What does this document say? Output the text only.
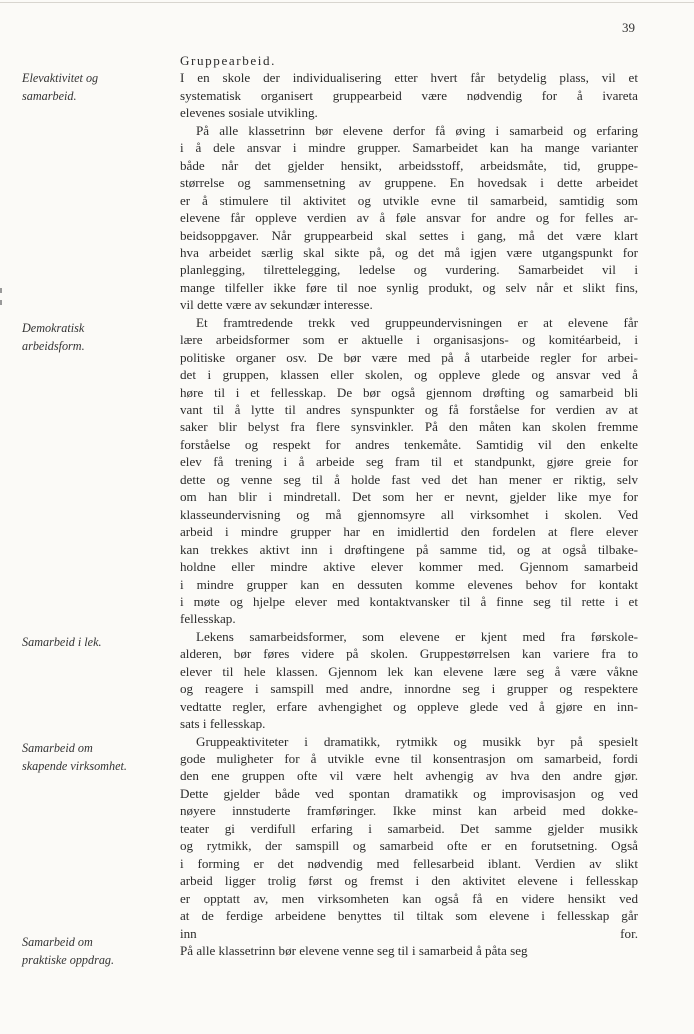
39
Elevaktivitet og
samarbeid.
Demokratisk
arbeidsform.
Samarbeid i lek.
Samarbeid om
skapende virksomhet.
Samarbeid om
praktiske oppdrag.
Gruppearbeid.
I en skole der individualisering etter hvert får betydelig plass, vil et
systematisk organisert gruppearbeid være nødvendig for å ivareta
elevenes sosiale utvikling.
På alle klassetrinn bør elevene derfor få øving i samarbeid og erfaring
i å dele ansvar i mindre grupper. Samarbeidet kan ha mange varianter
både når det gjelder hensikt, arbeidsstoff, arbeidsmåte, tid, gruppe-
størrelse og sammensetning av gruppene. En hovedsak i dette arbeidet
er å stimulere til aktivitet og utvikle evne til samarbeid, samtidig som
elevene får oppleve verdien av å føle ansvar for andre og for felles ar-
beidsoppgaver. Når gruppearbeid skal settes i gang, må det være klart
hva arbeidet særlig skal sikte på, og det må igjen være utgangspunkt for
planlegging, tilrettelegging, ledelse og vurdering. Samarbeidet vil i
mange tilfeller ikke føre til noe synlig produkt, og selv når et slikt fins,
vil dette være av sekundær interesse.
Et framtredende trekk ved gruppeundervisningen er at elevene får
lære arbeidsformer som er aktuelle i organisasjons- og komitéarbeid, i
politiske organer osv. De bør være med på å utarbeide regler for arbei-
det i gruppen, klassen eller skolen, og oppleve glede og ansvar ved å
høre til i et fellesskap. De bør også gjennom drøfting og samarbeid bli
vant til å lytte til andres synspunkter og få forståelse for verdien av at
saker blir belyst fra flere synsvinkler. På den måten kan skolen fremme
forståelse og respekt for andres tenkemåte. Samtidig vil den enkelte
elev få trening i å arbeide seg fram til et standpunkt, gjøre greie for
dette og venne seg til å holde fast ved det han mener er riktig, selv
om han blir i mindretall. Det som her er nevnt, gjelder like mye for
klasseundervisning og må gjennomsyre all virksomhet i skolen. Ved
arbeid i mindre grupper har en imidlertid den fordelen at flere elever
kan trekkes aktivt inn i drøftingene på samme tid, og at også tilbake-
holdne eller mindre aktive elever kommer med. Gjennom samarbeid
i mindre grupper kan en dessuten komme elevenes behov for kontakt
i møte og hjelpe elever med kontaktvansker til å finne seg til rette i et
fellesskap.
Lekens samarbeidsformer, som elevene er kjent med fra førskole-
alderen, bør føres videre på skolen. Gruppestørrelsen kan variere fra to
elever til hele klassen. Gjennom lek kan elevene lære seg å være våkne
og reagere i samspill med andre, innordne seg i grupper og respektere
vedtatte regler, erfare avhengighet og oppleve glede ved å gjøre en inn-
sats i fellesskap.
Gruppeaktiviteter i dramatikk, rytmikk og musikk byr på spesielt
gode muligheter for å utvikle evne til konsentrasjon om samarbeid, fordi
den ene gruppen ofte vil være helt avhengig av hva den andre gjør.
Dette gjelder både ved spontan dramatikk og improvisasjon og ved
nøyere innstuderte framføringer. Ikke minst kan arbeid med dokke-
teater gi verdifull erfaring i samarbeid. Det samme gjelder musikk
og rytmikk, der samspill og samarbeid ofte er en forutsetning. Også
i forming er det nødvendig med fellesarbeid iblant. Verdien av slikt
arbeid ligger trolig først og fremst i den aktivitet elevene i fellesskap
er opptatt av, men virksomheten kan også få en videre hensikt ved
at de ferdige arbeidene benyttes til tiltak som elevene i fellesskap går
inn for.
På alle klassetrinn bør elevene venne seg til i samarbeid å påta seg
